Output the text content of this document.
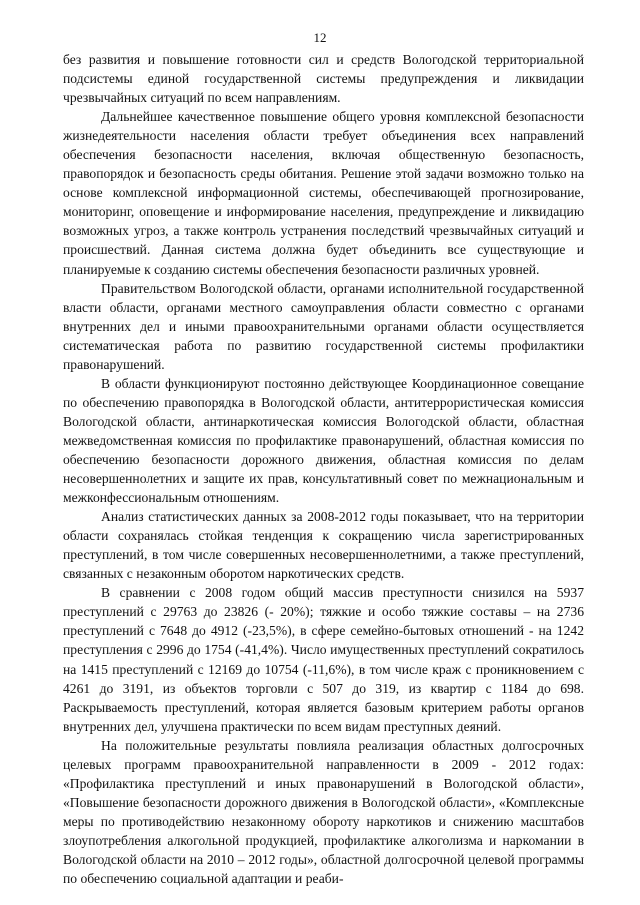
12

без развития и повышение готовности сил и средств Вологодской территориальной подсистемы единой государственной системы предупреждения и ликвидации чрезвычайных ситуаций по всем направлениям.

Дальнейшее качественное повышение общего уровня комплексной безопасности жизнедеятельности населения области требует объединения всех направлений обеспечения безопасности населения, включая общественную безопасность, правопорядок и безопасность среды обитания. Решение этой задачи возможно только на основе комплексной информационной системы, обеспечивающей прогнозирование, мониторинг, оповещение и информирование населения, предупреждение и ликвидацию возможных угроз, а также контроль устранения последствий чрезвычайных ситуаций и происшествий. Данная система должна будет объединить все существующие и планируемые к созданию системы обеспечения безопасности различных уровней.

Правительством Вологодской области, органами исполнительной государственной власти области, органами местного самоуправления области совместно с органами внутренних дел и иными правоохранительными органами области осуществляется систематическая работа по развитию государственной системы профилактики правонарушений.

В области функционируют постоянно действующее Координационное совещание по обеспечению правопорядка в Вологодской области, антитеррористическая комиссия Вологодской области, антинаркотическая комиссия Вологодской области, областная межведомственная комиссия по профилактике правонарушений, областная комиссия по обеспечению безопасности дорожного движения, областная комиссия по делам несовершеннолетних и защите их прав, консультативный совет по межнациональным и межконфессиональным отношениям.

Анализ статистических данных за 2008-2012 годы показывает, что на территории области сохранялась стойкая тенденция к сокращению числа зарегистрированных преступлений, в том числе совершенных несовершеннолетними, а также преступлений, связанных с незаконным оборотом наркотических средств.

В сравнении с 2008 годом общий массив преступности снизился на 5937 преступлений с 29763 до 23826 (- 20%); тяжкие и особо тяжкие составы – на 2736 преступлений с 7648 до 4912 (-23,5%), в сфере семейно-бытовых отношений - на 1242 преступления с 2996 до 1754 (-41,4%). Число имущественных преступлений сократилось на 1415 преступлений с 12169 до 10754 (-11,6%), в том числе краж с проникновением с 4261 до 3191, из объектов торговли с 507 до 319, из квартир с 1184 до 698. Раскрываемость преступлений, которая является базовым критерием работы органов внутренних дел, улучшена практически по всем видам преступных деяний.

На положительные результаты повлияла реализация областных долгосрочных целевых программ правоохранительной направленности в 2009 - 2012 годах: «Профилактика преступлений и иных правонарушений в Вологодской области», «Повышение безопасности дорожного движения в Вологодской области», «Комплексные меры по противодействию незаконному обороту наркотиков и снижению масштабов злоупотребления алкогольной продукцией, профилактике алкоголизма и наркомании в Вологодской области на 2010 – 2012 годы», областной долгосрочной целевой программы по обеспечению социальной адаптации и реаби-
